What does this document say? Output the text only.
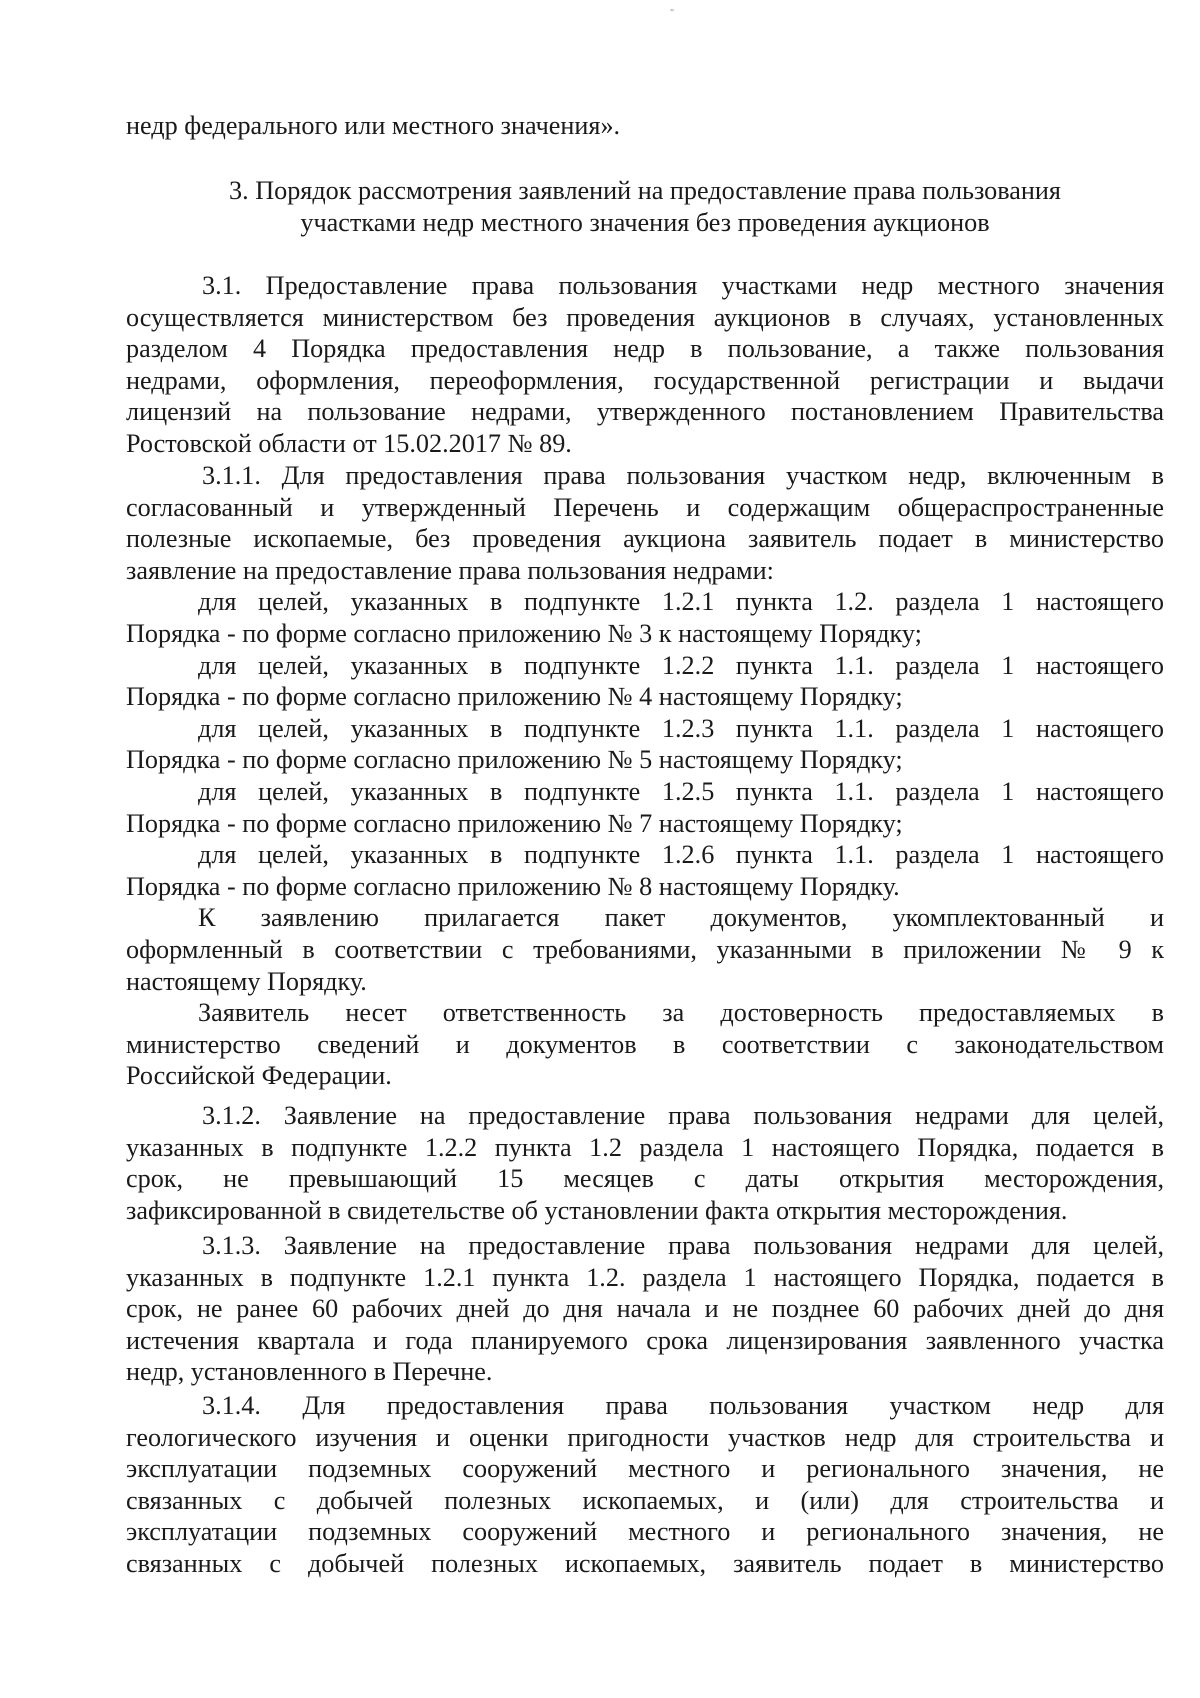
"
недр федерального или местного значения».
3. Порядок рассмотрения заявлений на предоставление права пользования
участками недр местного значения без проведения аукционов
3.1. Предоставление права пользования участками недр местного значения
осуществляется министерством без проведения аукционов в случаях, установленных
разделом 4 Порядка предоставления недр в пользование, а также пользования
недрами, оформления, переоформления, государственной регистрации и выдачи
лицензий на пользование недрами, утвержденного постановлением Правительства
Ростовской области от 15.02.2017 № 89.
3.1.1. Для предоставления права пользования участком недр, включенным в
согласованный и утвержденный Перечень и содержащим общераспространенные
полезные ископаемые, без проведения аукциона заявитель подает в министерство
заявление на предоставление права пользования недрами:
для целей, указанных в подпункте 1.2.1 пункта 1.2. раздела 1 настоящего
Порядка - по форме согласно приложению № 3 к настоящему Порядку;
для целей, указанных в подпункте 1.2.2 пункта 1.1. раздела 1 настоящего
Порядка - по форме согласно приложению № 4 настоящему Порядку;
для целей, указанных в подпункте 1.2.3 пункта 1.1. раздела 1 настоящего
Порядка - по форме согласно приложению № 5 настоящему Порядку;
для целей, указанных в подпункте 1.2.5 пункта 1.1. раздела 1 настоящего
Порядка - по форме согласно приложению № 7 настоящему Порядку;
для целей, указанных в подпункте 1.2.6 пункта 1.1. раздела 1 настоящего
Порядка - по форме согласно приложению № 8 настоящему Порядку.
К заявлению прилагается пакет документов, укомплектованный и
оформленный в соответствии с требованиями, указанными в приложении № 9 к
настоящему Порядку.
Заявитель несет ответственность за достоверность предоставляемых в
министерство сведений и документов в соответствии с законодательством
Российской Федерации.
3.1.2. Заявление на предоставление права пользования недрами для целей,
указанных в подпункте 1.2.2 пункта 1.2 раздела 1 настоящего Порядка, подается в
срок, не превышающий 15 месяцев с даты открытия месторождения,
зафиксированной в свидетельстве об установлении факта открытия месторождения.
3.1.3. Заявление на предоставление права пользования недрами для целей,
указанных в подпункте 1.2.1 пункта 1.2. раздела 1 настоящего Порядка, подается в
срок, не ранее 60 рабочих дней до дня начала и не позднее 60 рабочих дней до дня
истечения квартала и года планируемого срока лицензирования заявленного участка
недр, установленного в Перечне.
3.1.4. Для предоставления права пользования участком недр для
геологического изучения и оценки пригодности участков недр для строительства и
эксплуатации подземных сооружений местного и регионального значения, не
связанных с добычей полезных ископаемых, и (или) для строительства и
эксплуатации подземных сооружений местного и регионального значения, не
связанных с добычей полезных ископаемых, заявитель подает в министерство
